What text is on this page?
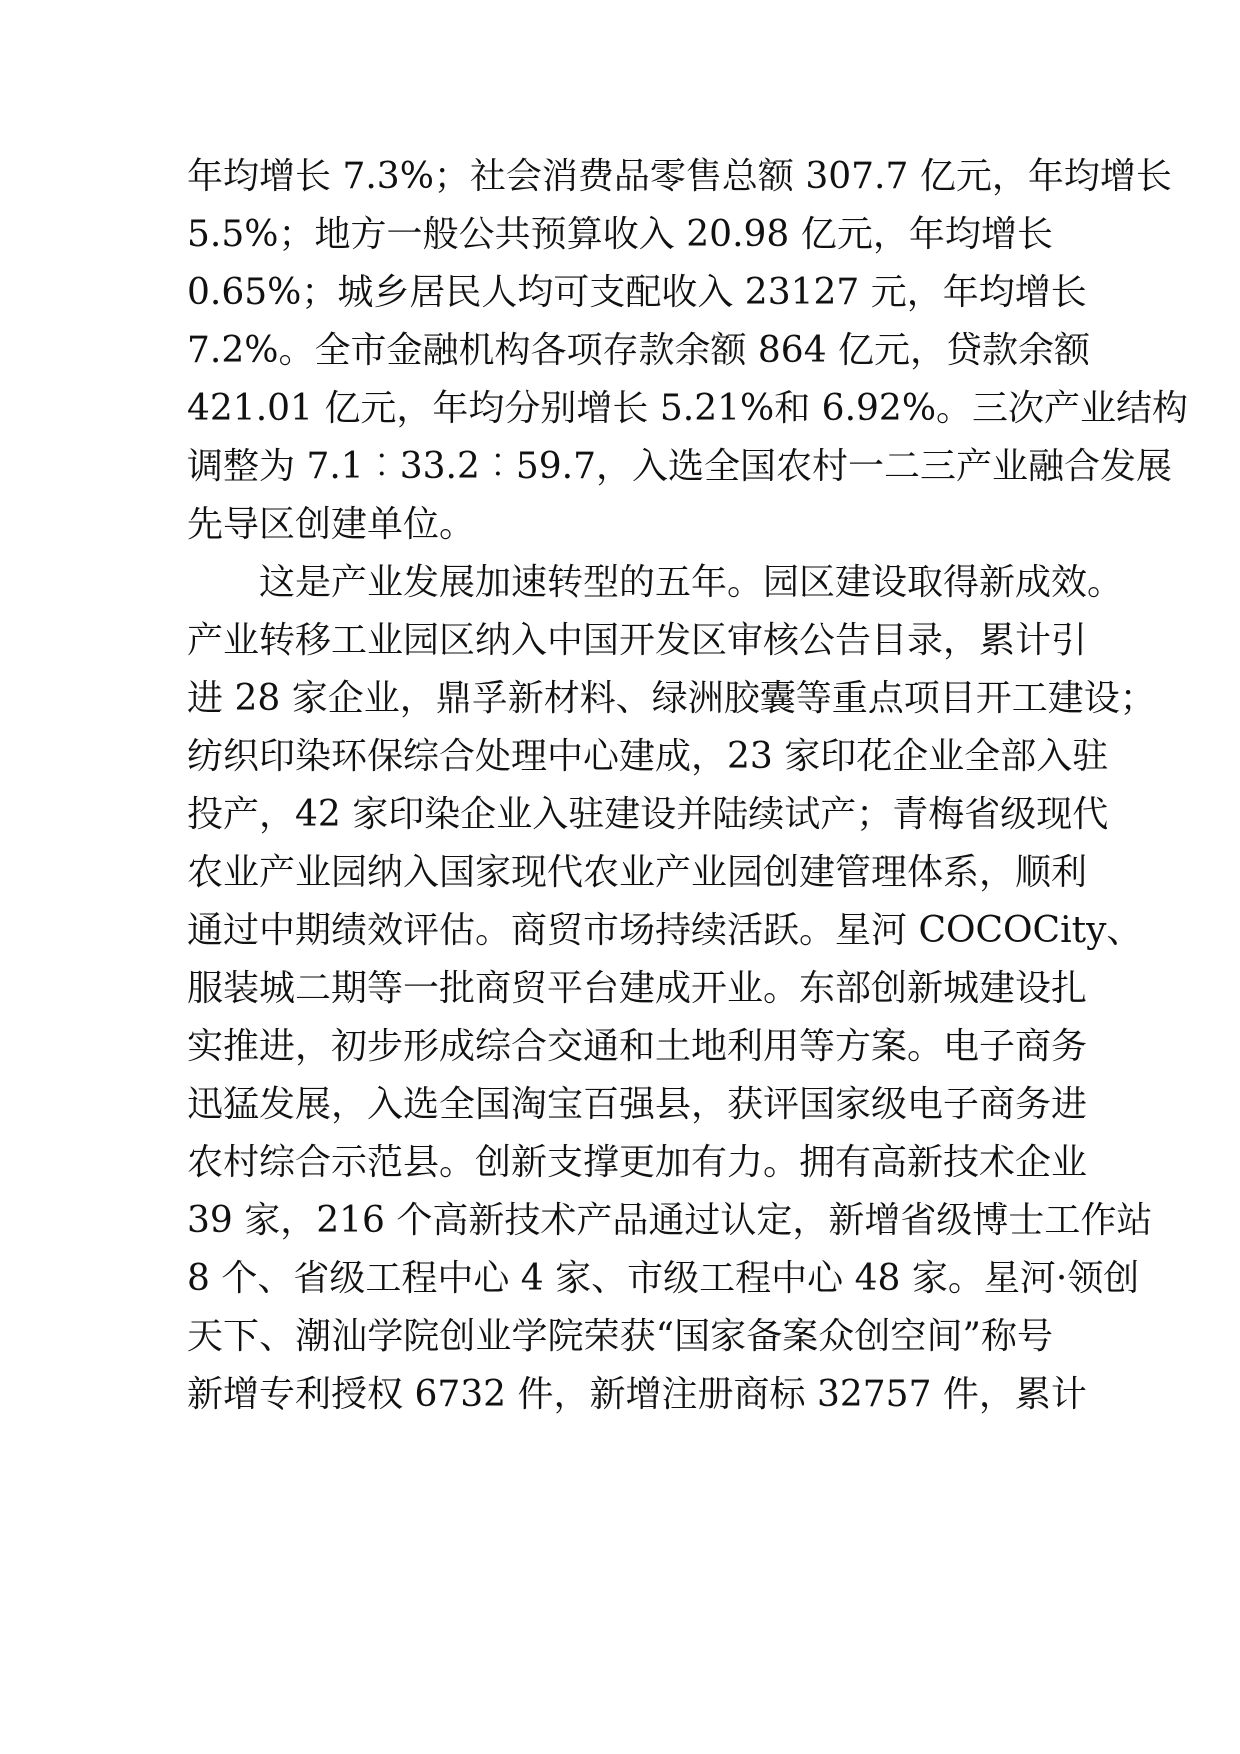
年均增长 7.3%；社会消费品零售总额 307.7 亿元，年均增长
5.5%；地方一般公共预算收入 20.98 亿元，年均增长
0.65%；城乡居民人均可支配收入 23127 元，年均增长
7.2%。全市金融机构各项存款余额 864 亿元，贷款余额
421.01 亿元，年均分别增长 5.21%和 6.92%。三次产业结构
调整为 7.1︰33.2︰59.7，入选全国农村一二三产业融合发展
先导区创建单位。
这是产业发展加速转型的五年。园区建设取得新成效。
产业转移工业园区纳入中国开发区审核公告目录，累计引
进 28 家企业，鼎孚新材料、绿洲胶囊等重点项目开工建设；
纺织印染环保综合处理中心建成，23 家印花企业全部入驻
投产，42 家印染企业入驻建设并陆续试产；青梅省级现代
农业产业园纳入国家现代农业产业园创建管理体系，顺利
通过中期绩效评估。商贸市场持续活跃。星河 COCOCity、
服装城二期等一批商贸平台建成开业。东部创新城建设扎
实推进，初步形成综合交通和土地利用等方案。电子商务
迅猛发展，入选全国淘宝百强县，获评国家级电子商务进
农村综合示范县。创新支撑更加有力。拥有高新技术企业
39 家，216 个高新技术产品通过认定，新增省级博士工作站
8 个、省级工程中心 4 家、市级工程中心 48 家。星河·领创
天下、潮汕学院创业学院荣获“国家备案众创空间”称号
新增专利授权 6732 件，新增注册商标 32757 件，累计
